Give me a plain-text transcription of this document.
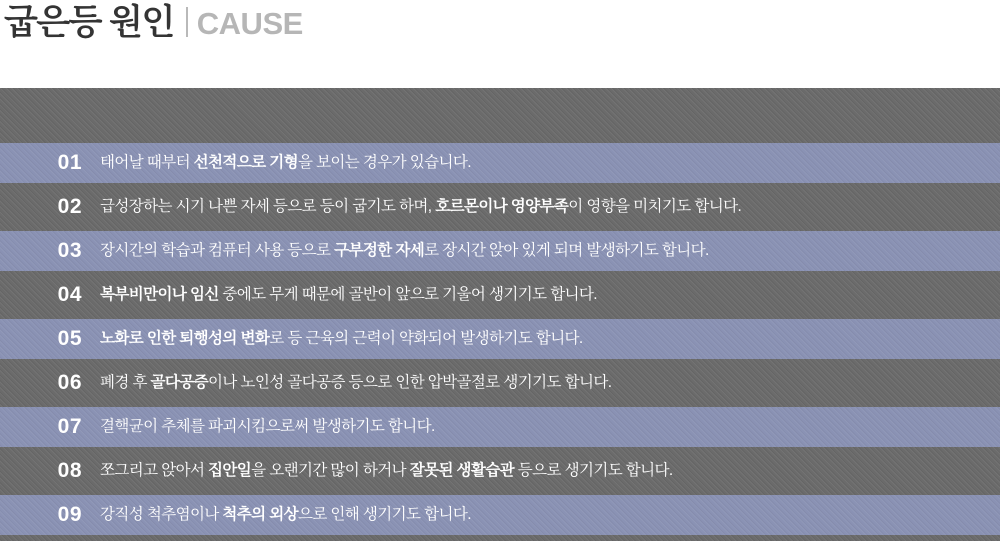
굽은등 원인 CAUSE
01	태어날 때부터 선천적으로 기형을 보이는 경우가 있습니다.
02	급성장하는 시기 나쁜 자세 등으로 등이 굽기도 하며, 호르몬이나 영양부족이 영향을 미치기도 합니다.
03	장시간의 학습과 컴퓨터 사용 등으로 구부정한 자세로 장시간 앉아 있게 되며 발생하기도 합니다.
04	복부비만이나 임신 중에도 무게 때문에 골반이 앞으로 기울어 생기기도 합니다.
05	노화로 인한 퇴행성의 변화로 등 근육의 근력이 약화되어 발생하기도 합니다.
06	폐경 후 골다공증이나 노인성 골다공증 등으로 인한 압박골절로 생기기도 합니다.
07	결핵균이 추체를 파괴시킴으로써 발생하기도 합니다.
08	쪼그리고 앉아서 집안일을 오랜기간 많이 하거나 잘못된 생활습관 등으로 생기기도 합니다.
09	강직성 척추염이나 척추의 외상으로 인해 생기기도 합니다.
